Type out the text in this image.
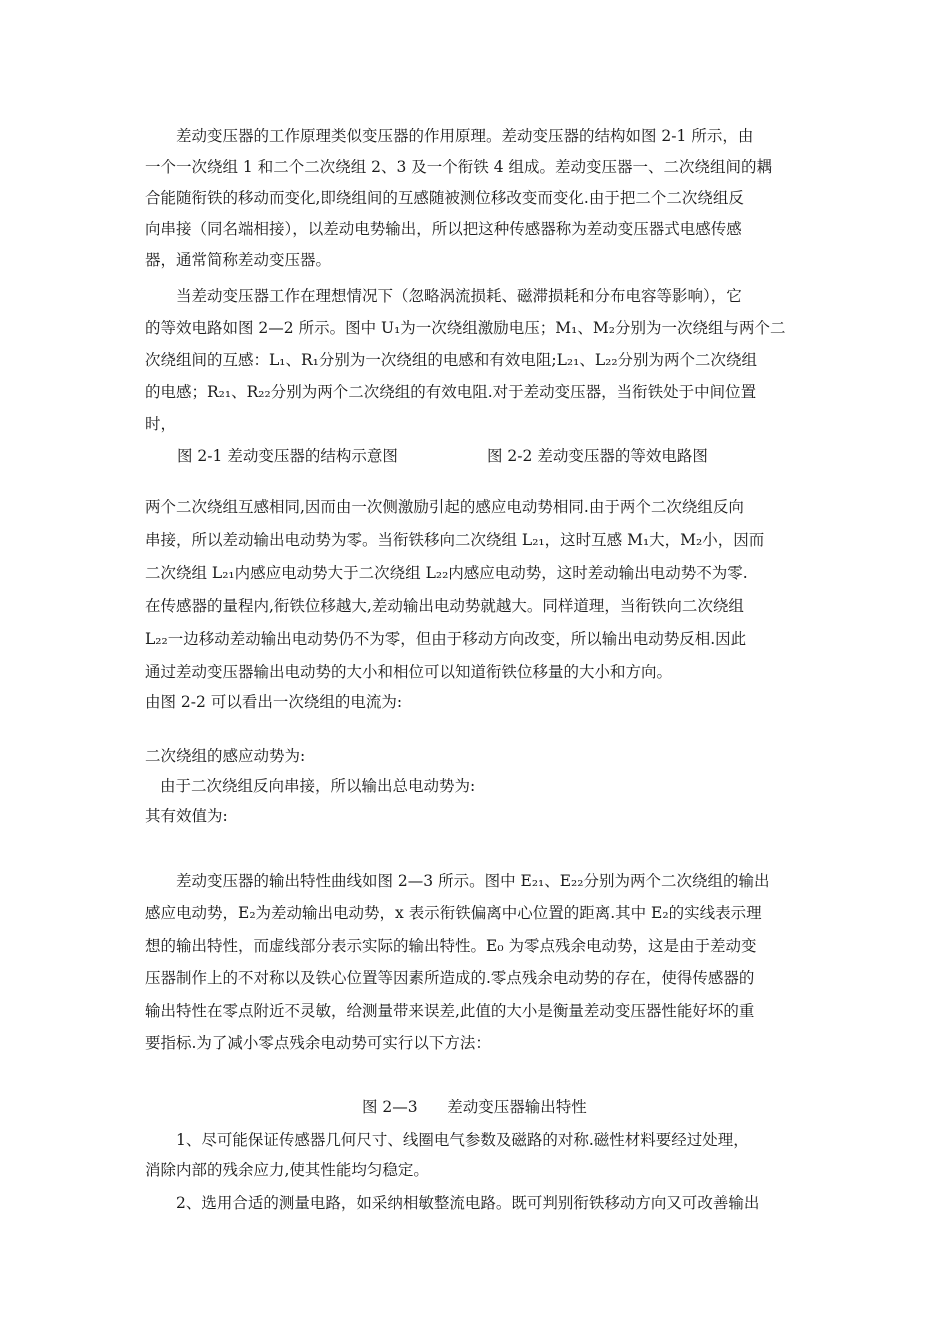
差动变压器的工作原理类似变压器的作用原理。差动变压器的结构如图 2-1 所示，由
一个一次绕组 1 和二个二次绕组 2、3 及一个衔铁 4 组成。差动变压器一、二次绕组间的耦
合能随衔铁的移动而变化,即绕组间的互感随被测位移改变而变化.由于把二个二次绕组反
向串接（同名端相接），以差动电势输出，所以把这种传感器称为差动变压器式电感传感
器，通常简称差动变压器。
当差动变压器工作在理想情况下（忽略涡流损耗、磁滞损耗和分布电容等影响），它
的等效电路如图 2—2 所示。图中 U₁为一次绕组激励电压；M₁、M₂分别为一次绕组与两个二
次绕组间的互感：L₁、R₁分别为一次绕组的电感和有效电阻;L₂₁、L₂₂分别为两个二次绕组
的电感；R₂₁、R₂₂分别为两个二次绕组的有效电阻.对于差动变压器，当衔铁处于中间位置
时，
图 2-1 差动变压器的结构示意图	图 2-2 差动变压器的等效电路图
两个二次绕组互感相同,因而由一次侧激励引起的感应电动势相同.由于两个二次绕组反向
串接，所以差动输出电动势为零。当衔铁移向二次绕组 L₂₁，这时互感 M₁大，M₂小，因而
二次绕组 L₂₁内感应电动势大于二次绕组 L₂₂内感应电动势，这时差动输出电动势不为零.
在传感器的量程内,衔铁位移越大,差动输出电动势就越大。同样道理，当衔铁向二次绕组
L₂₂一边移动差动输出电动势仍不为零，但由于移动方向改变，所以输出电动势反相.因此
通过差动变压器输出电动势的大小和相位可以知道衔铁位移量的大小和方向。
由图 2-2 可以看出一次绕组的电流为:
二次绕组的感应动势为:
由于二次绕组反向串接，所以输出总电动势为:
其有效值为:
差动变压器的输出特性曲线如图 2—3 所示。图中 E₂₁、E₂₂分别为两个二次绕组的输出
感应电动势，E₂为差动输出电动势，x 表示衔铁偏离中心位置的距离.其中 E₂的实线表示理
想的输出特性，而虚线部分表示实际的输出特性。E₀ 为零点残余电动势，这是由于差动变
压器制作上的不对称以及铁心位置等因素所造成的.零点残余电动势的存在，使得传感器的
输出特性在零点附近不灵敏，给测量带来误差,此值的大小是衡量差动变压器性能好坏的重
要指标.为了减小零点残余电动势可实行以下方法：
图 2—3      差动变压器输出特性
1、尽可能保证传感器几何尺寸、线圈电气参数及磁路的对称.磁性材料要经过处理，
消除内部的残余应力,使其性能均匀稳定。
2、选用合适的测量电路，如采纳相敏整流电路。既可判别衔铁移动方向又可改善输出
